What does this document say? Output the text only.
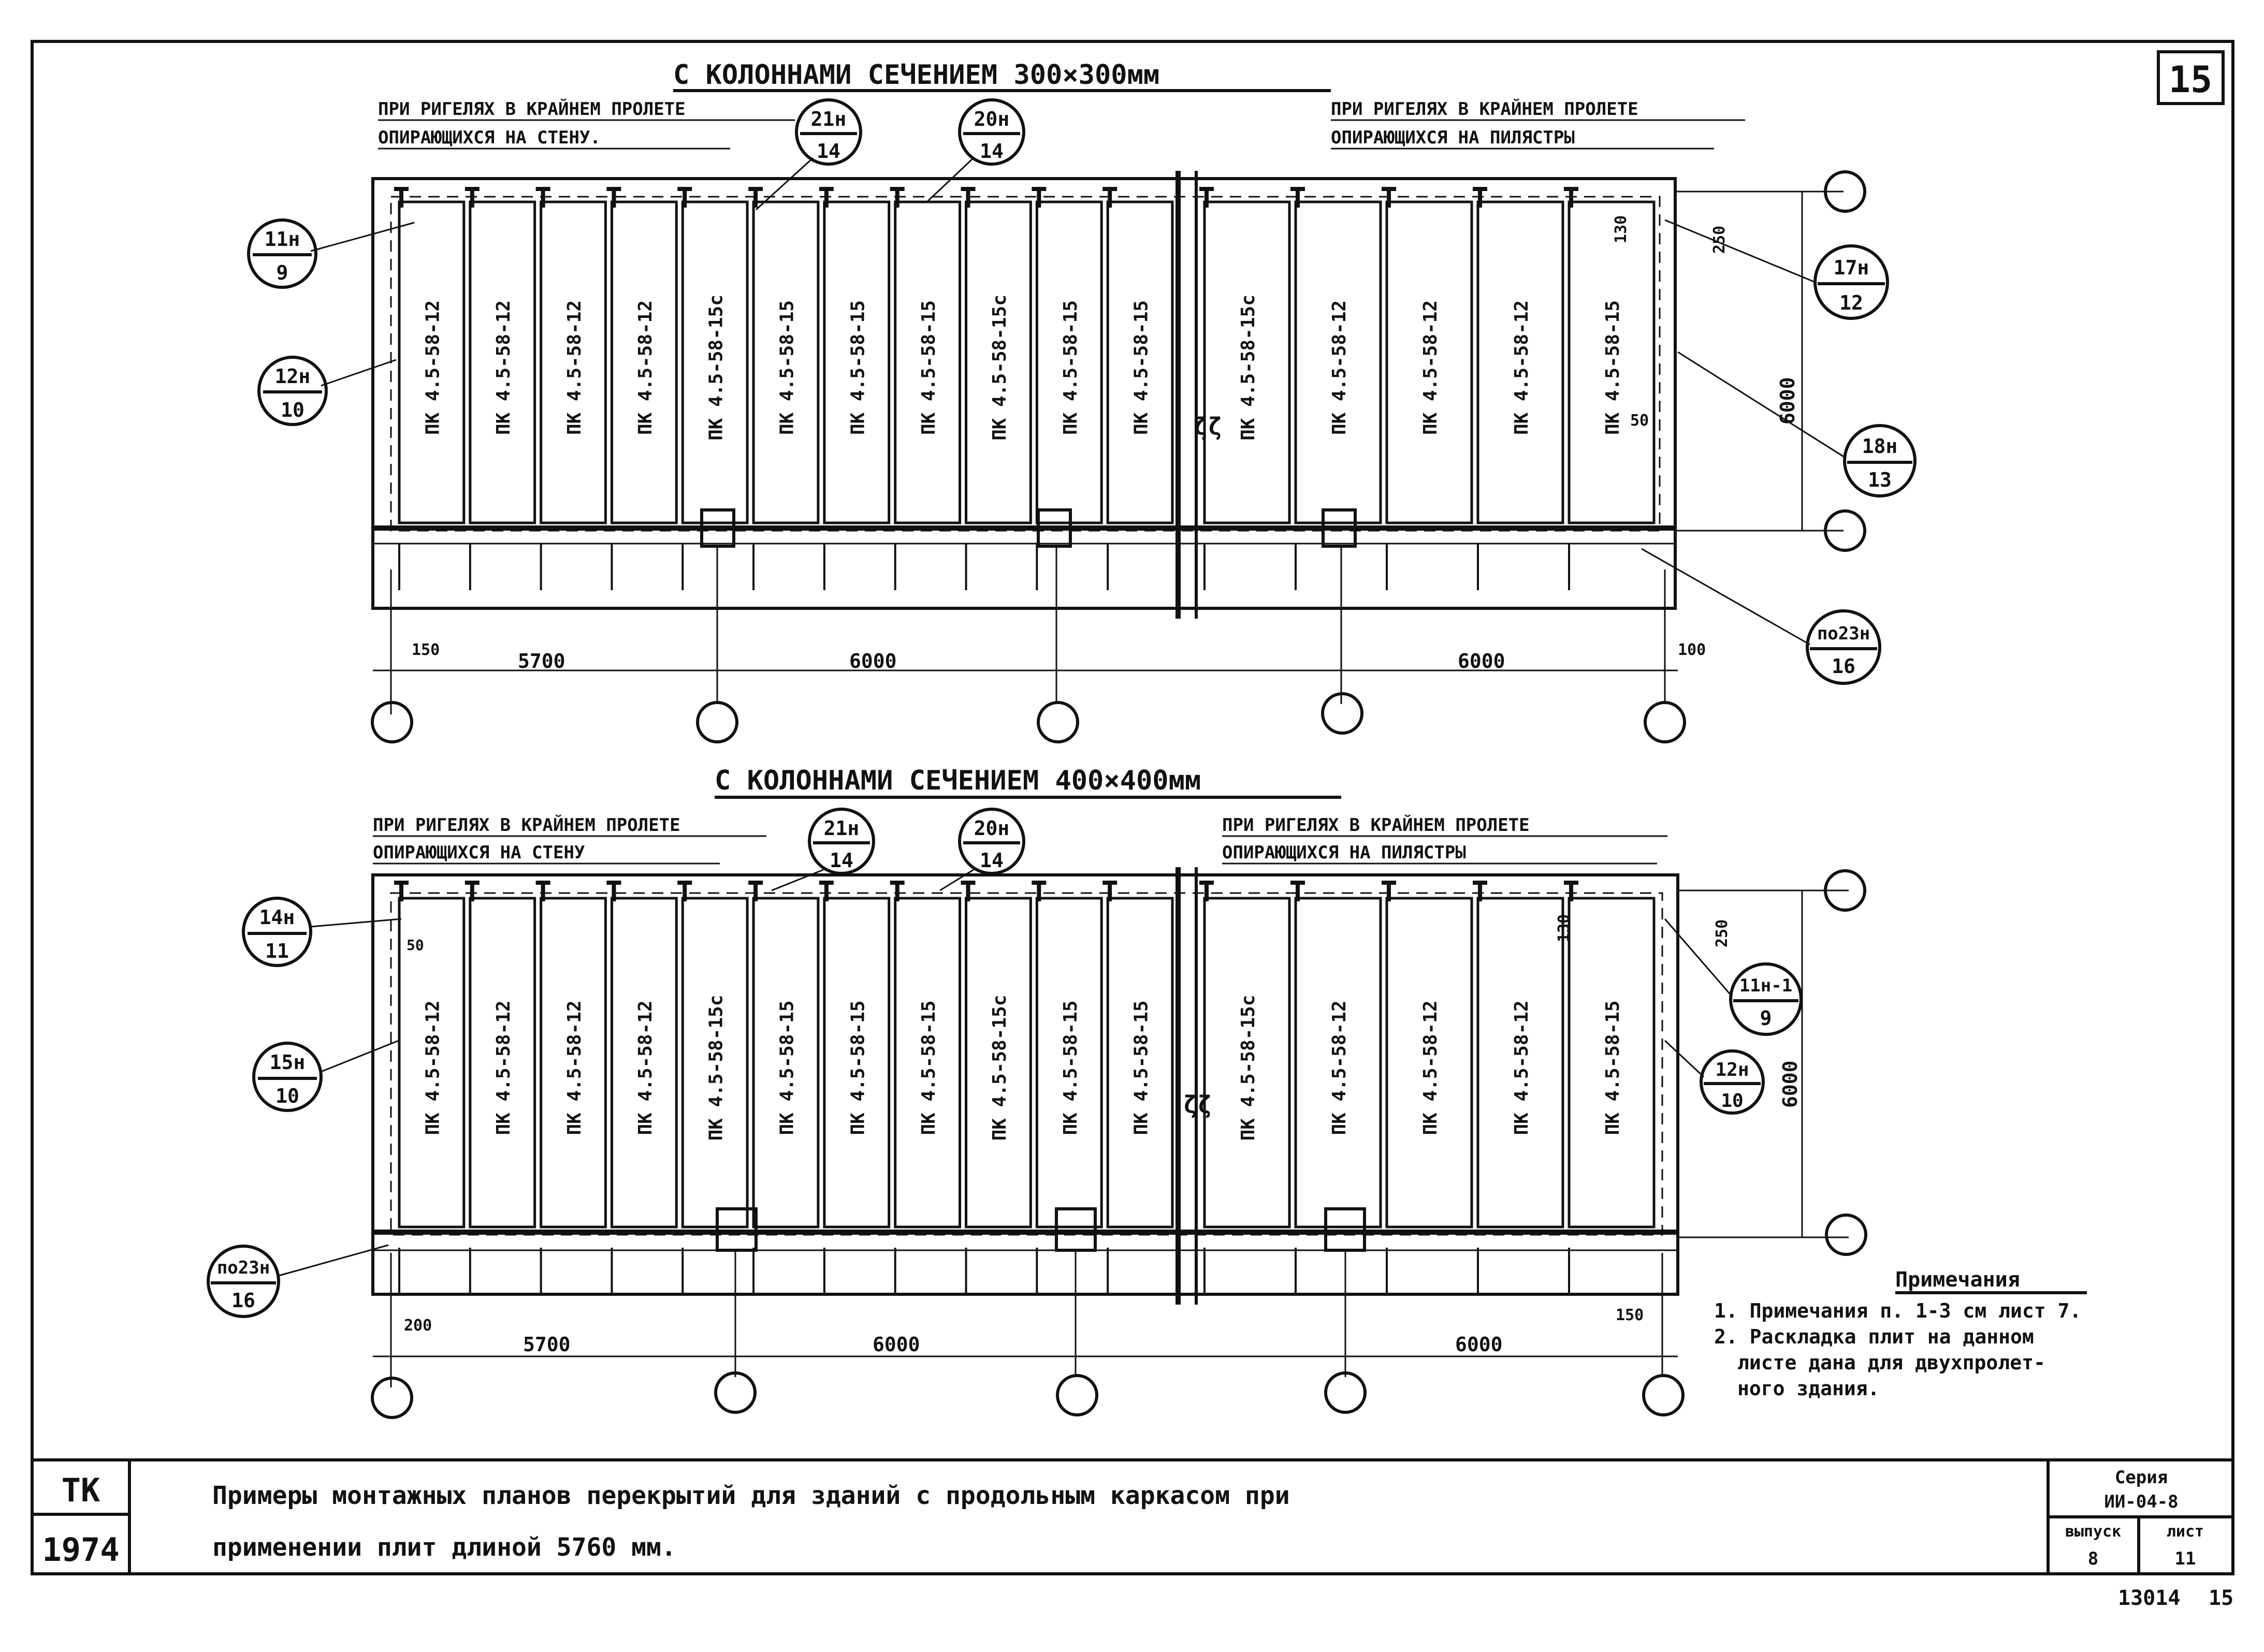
15
С КОЛОННАМИ СЕЧЕНИЕМ 300×300мм
ПРИ РИГЕЛЯХ В КРАЙНЕМ ПРОЛЕТЕ
ОПИРАЮЩИХСЯ НА СТЕНУ.
ПРИ РИГЕЛЯХ В КРАЙНЕМ ПРОЛЕТЕ
ОПИРАЮЩИХСЯ НА ПИЛЯСТРЫ
ζζ
ПК 4.5-58-12	ПК 4.5-58-12	ПК 4.5-58-12	ПК 4.5-58-12	ПК 4.5-58-15с	ПК 4.5-58-15	ПК 4.5-58-15	ПК 4.5-58-15	ПК 4.5-58-15с	ПК 4.5-58-15	ПК 4.5-58-15	ПК 4.5-58-15с	ПК 4.5-58-12	ПК 4.5-58-12	ПК 4.5-58-12	ПК 4.5-58-15
150	5700	6000	6000	100
250
130
50	6000
11н
9
12н
10
21н
14
20н
14
17н
12
18н
13
по23н
16
С КОЛОННАМИ СЕЧЕНИЕМ 400×400мм
ПРИ РИГЕЛЯХ В КРАЙНЕМ ПРОЛЕТЕ
ОПИРАЮЩИХСЯ НА СТЕНУ
ПРИ РИГЕЛЯХ В КРАЙНЕМ ПРОЛЕТЕ
ОПИРАЮЩИХСЯ НА ПИЛЯСТРЫ
ζζ
ПК 4.5-58-12	ПК 4.5-58-12	ПК 4.5-58-12	ПК 4.5-58-12	ПК 4.5-58-15с	ПК 4.5-58-15	ПК 4.5-58-15	ПК 4.5-58-15	ПК 4.5-58-15с	ПК 4.5-58-15	ПК 4.5-58-15	ПК 4.5-58-15с	ПК 4.5-58-12	ПК 4.5-58-12	ПК 4.5-58-12	ПК 4.5-58-15
200
5700	6000	6000
150
50	250
130
6000
14н
11
15н
10
21н
14
20н
14
11н-1
9
12н
10
по23н
16
Примечания
1. Примечания п. 1-3 см лист 7.
2. Раскладка плит на данном
листе дана для двухпролет-
ного здания.
ТК
1974
Примеры монтажных планов перекрытий для зданий с продольным каркасом при
применении плит длиной 5760 мм.
Серия
ИИ-04-8
выпуск
8
лист
11
13014 15
